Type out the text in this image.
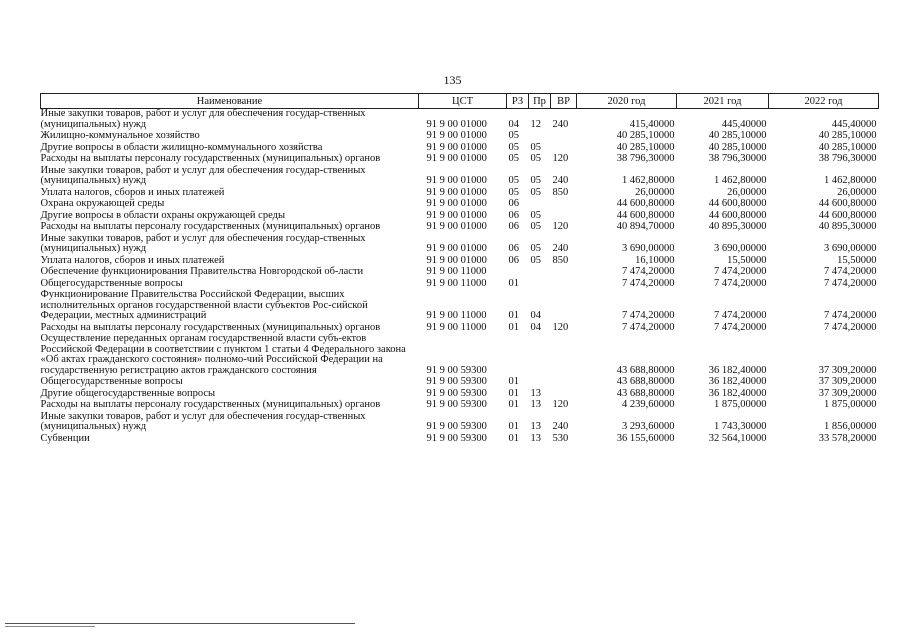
135
Наименование	ЦСТ	РЗ	Пр	ВР	2020 год	2021 год	2022 год
Иные закупки товаров, работ и услуг для обеспечения государ-ственных (муниципальных) нужд	91 9 00 01000	04	12	240	415,40000	445,40000	445,40000
Жилищно-коммунальное хозяйство	91 9 00 01000	05			40 285,10000	40 285,10000	40 285,10000
Другие вопросы в области жилищно-коммунального хозяйства	91 9 00 01000	05	05		40 285,10000	40 285,10000	40 285,10000
Расходы на выплаты персоналу государственных (муниципальных) органов	91 9 00 01000	05	05	120	38 796,30000	38 796,30000	38 796,30000
Иные закупки товаров, работ и услуг для обеспечения государ-ственных (муниципальных) нужд	91 9 00 01000	05	05	240	1 462,80000	1 462,80000	1 462,80000
Уплата налогов, сборов и иных платежей	91 9 00 01000	05	05	850	26,00000	26,00000	26,00000
Охрана окружающей среды	91 9 00 01000	06			44 600,80000	44 600,80000	44 600,80000
Другие вопросы в области охраны окружающей среды	91 9 00 01000	06	05		44 600,80000	44 600,80000	44 600,80000
Расходы на выплаты персоналу государственных (муниципальных) органов	91 9 00 01000	06	05	120	40 894,70000	40 895,30000	40 895,30000
Иные закупки товаров, работ и услуг для обеспечения государ-ственных (муниципальных) нужд	91 9 00 01000	06	05	240	3 690,00000	3 690,00000	3 690,00000
Уплата налогов, сборов и иных платежей	91 9 00 01000	06	05	850	16,10000	15,50000	15,50000
Обеспечение функционирования Правительства Новгородской об-ласти	91 9 00 11000				7 474,20000	7 474,20000	7 474,20000
Общегосударственные вопросы	91 9 00 11000	01			7 474,20000	7 474,20000	7 474,20000
Функционирование Правительства Российской Федерации, высших исполнительных органов государственной власти субъектов Рос-сийской Федерации, местных администраций	91 9 00 11000	01	04		7 474,20000	7 474,20000	7 474,20000
Расходы на выплаты персоналу государственных (муниципальных) органов	91 9 00 11000	01	04	120	7 474,20000	7 474,20000	7 474,20000
Осуществление переданных органам государственной власти субъ-ектов Российской Федерации в соответствии с пунктом 1 статьи 4 Федерального закона «Об актах гражданского состояния» полномо-чий Российской Федерации на государственную регистрацию актов гражданского состояния	91 9 00 59300				43 688,80000	36 182,40000	37 309,20000
Общегосударственные вопросы	91 9 00 59300	01			43 688,80000	36 182,40000	37 309,20000
Другие общегосударственные вопросы	91 9 00 59300	01	13		43 688,80000	36 182,40000	37 309,20000
Расходы на выплаты персоналу государственных (муниципальных) органов	91 9 00 59300	01	13	120	4 239,60000	1 875,00000	1 875,00000
Иные закупки товаров, работ и услуг для обеспечения государ-ственных (муниципальных) нужд	91 9 00 59300	01	13	240	3 293,60000	1 743,30000	1 856,00000
Субвенции	91 9 00 59300	01	13	530	36 155,60000	32 564,10000	33 578,20000
